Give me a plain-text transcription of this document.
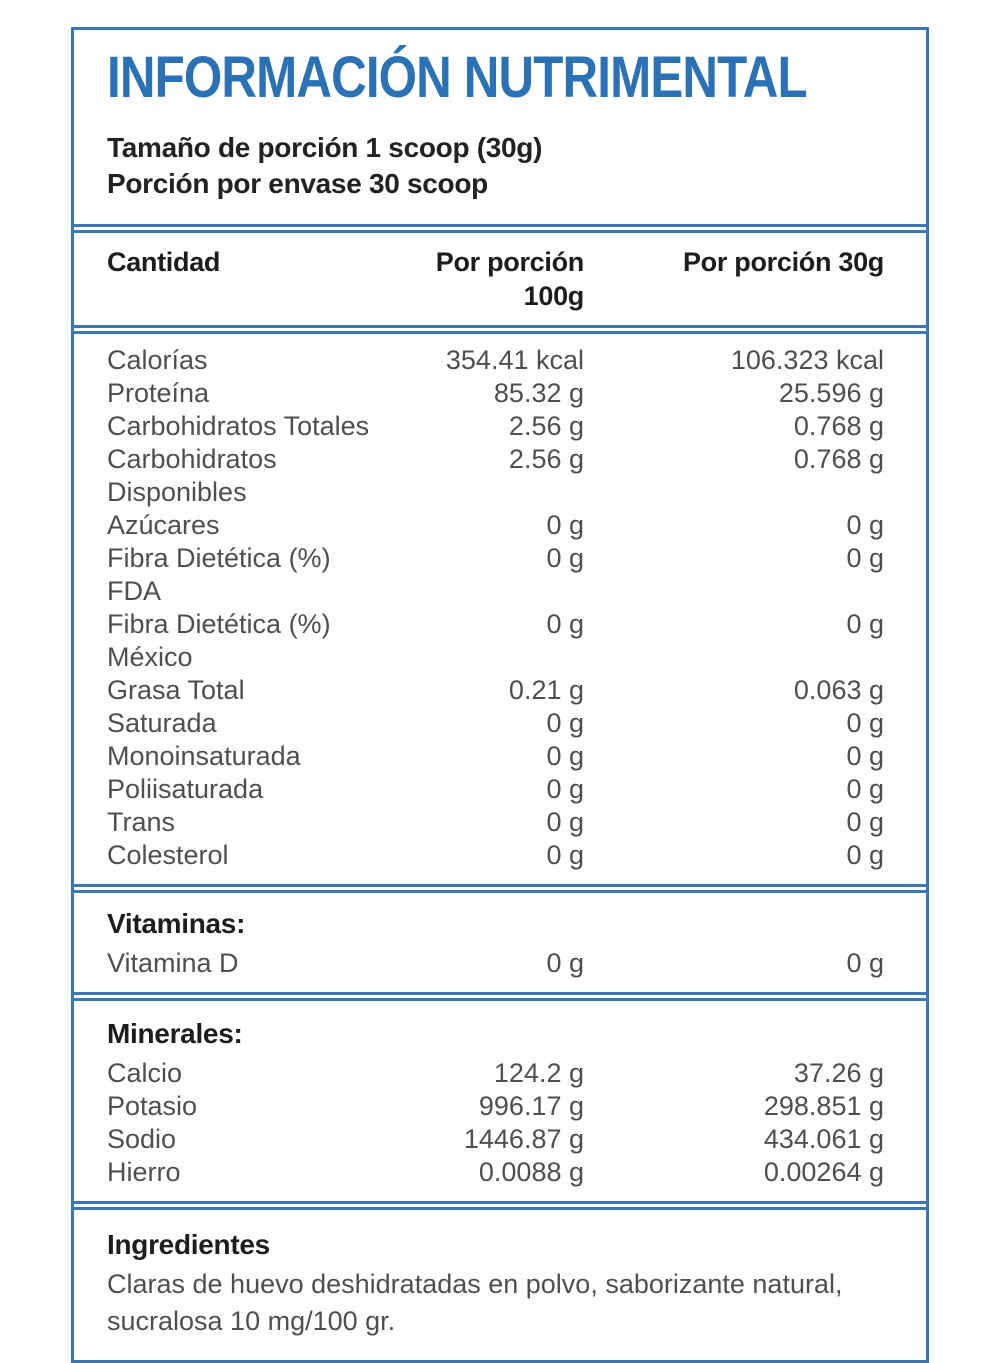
INFORMACIÓN NUTRIMENTAL
Tamaño de porción 1 scoop (30g)
Porción por envase 30 scoop
Cantidad	Por porción 100g
Por porción 30g
Calorías	354.41 kcal	106.323 kcal
Proteína	85.32 g	25.596 g
Carbohidratos Totales	2.56 g	0.768 g
Carbohidratos Disponibles
2.56 g	0.768 g
Azúcares	0 g	0 g
Fibra Dietética (%) FDA
0 g	0 g
Fibra Dietética (%) México
0 g	0 g
Grasa Total	0.21 g	0.063 g
Saturada	0 g	0 g
Monoinsaturada	0 g	0 g
Poliisaturada	0 g	0 g
Trans	0 g	0 g
Colesterol	0 g	0 g
Vitaminas:
Vitamina D	0 g	0 g
Minerales:
Calcio	124.2 g	37.26 g
Potasio	996.17 g	298.851 g
Sodio	1446.87 g	434.061 g
Hierro	0.0088 g	0.00264 g
Ingredientes
Claras de huevo deshidratadas en polvo, saborizante natural, sucralosa 10 mg/100 gr.
